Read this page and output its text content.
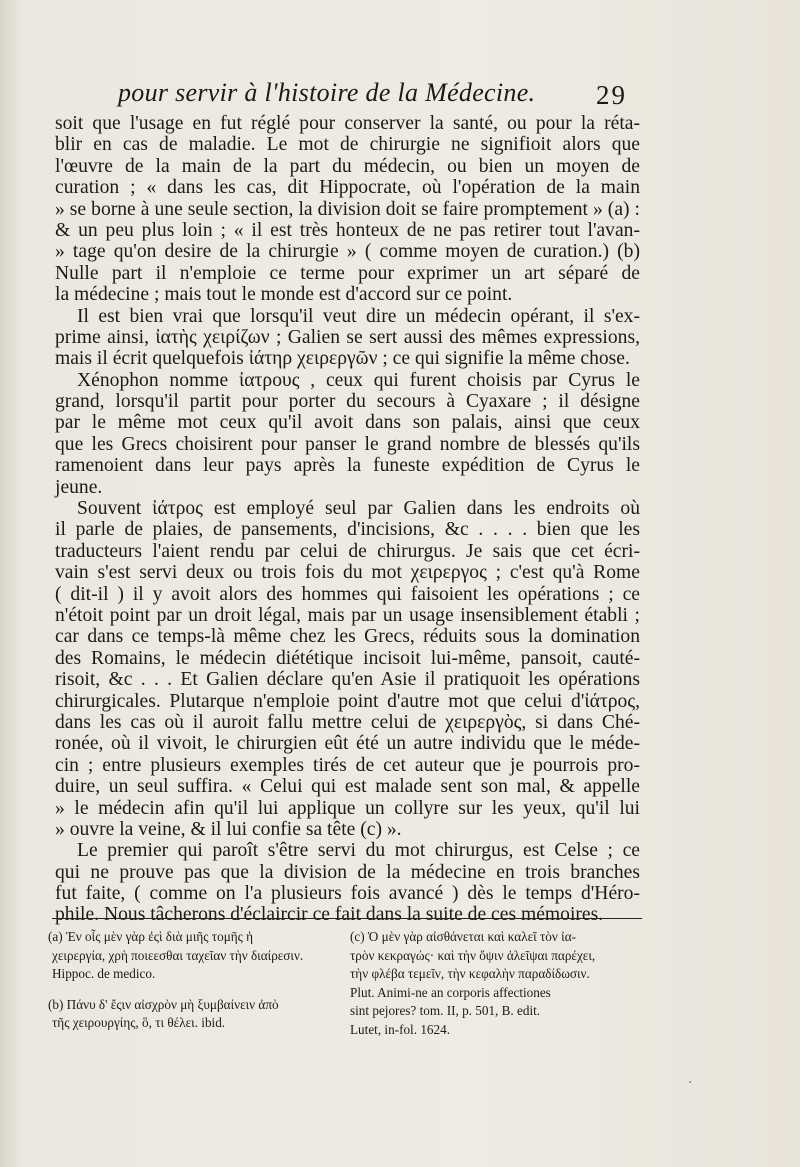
pour servir à l'histoire de la Médecine. 29
soit que l'usage en fut réglé pour conserver la santé, ou pour la réta-
blir en cas de maladie. Le mot de chirurgie ne signifioit alors que
l'œuvre de la main de la part du médecin, ou bien un moyen de
curation ; « dans les cas, dit Hippocrate, où l'opération de la main
» se borne à une seule section, la division doit se faire promptement » (a) :
& un peu plus loin ; « il est très honteux de ne pas retirer tout l'avan-
» tage qu'on desire de la chirurgie » ( comme moyen de curation.) (b)
Nulle part il n'emploie ce terme pour exprimer un art séparé de
la médecine ; mais tout le monde est d'accord sur ce point.
Il est bien vrai que lorsqu'il veut dire un médecin opérant, il s'ex-
prime ainsi, ἰατὴς χειρίζων ; Galien se sert aussi des mêmes expressions,
mais il écrit quelquefois ἰάτηρ χειρεργῶν ; ce qui signifie la même chose.
Xénophon nomme ἰατρους , ceux qui furent choisis par Cyrus le
grand, lorsqu'il partit pour porter du secours à Cyaxare ; il désigne
par le même mot ceux qu'il avoit dans son palais, ainsi que ceux
que les Grecs choisirent pour panser le grand nombre de blessés qu'ils
ramenoient dans leur pays après la funeste expédition de Cyrus le
jeune.
Souvent ἰάτρος est employé seul par Galien dans les endroits où
il parle de plaies, de pansements, d'incisions, &c . . . . bien que les
traducteurs l'aient rendu par celui de chirurgus. Je sais que cet écri-
vain s'est servi deux ou trois fois du mot χειρεργος ; c'est qu'à Rome
( dit-il ) il y avoit alors des hommes qui faisoient les opérations ; ce
n'étoit point par un droit légal, mais par un usage insensiblement établi ;
car dans ce temps-là même chez les Grecs, réduits sous la domination
des Romains, le médecin diététique incisoit lui-même, pansoit, cauté-
risoit, &c . . . Et Galien déclare qu'en Asie il pratiquoit les opérations
chirurgicales. Plutarque n'emploie point d'autre mot que celui d'ἰάτρος,
dans les cas où il auroit fallu mettre celui de χειρεργὸς, si dans Ché-
ronée, où il vivoit, le chirurgien eût été un autre individu que le méde-
cin ; entre plusieurs exemples tirés de cet auteur que je pourrois pro-
duire, un seul suffira. « Celui qui est malade sent son mal, & appelle
» le médecin afin qu'il lui applique un collyre sur les yeux, qu'il lui
» ouvre la veine, & il lui confie sa tête (c) ».
Le premier qui paroît s'être servi du mot chirurgus, est Celse ; ce
qui ne prouve pas que la division de la médecine en trois branches
fut faite, ( comme on l'a plusieurs fois avancé ) dès le temps d'Héro-
phile. Nous tâcherons d'éclaircir ce fait dans la suite de ces mémoires.
(a) Ἐν οἷς μὲν γὰρ ἐςὶ διὰ μιῆς τομῆς ἡ
χειρεργία, χρὴ ποιεεσθαι ταχεῖαν τὴν διαίρεσιν.
Hippoc. de medico.
(b) Πάνυ δ' ἔςιν αἰσχρὸν μὴ ξυμβαίνειν ἀπὸ
τῆς χειρουργίης, ὃ, τι θέλει. ibid.
(c) Ὁ μὲν γὰρ αἰσθάνεται καὶ καλεῖ τὸν ἰα-
τρὸν κεκραγώς· καὶ τὴν ὄψιν ἀλεῖψαι παρέχει,
τὴν φλέβα τεμεῖν, τὴν κεφαλὴν παραδίδωσιν.
Plut. Animi-ne an corporis affectiones
sint pejores? tom. II, p. 501, B. edit.
Lutet, in-fol. 1624.
·
